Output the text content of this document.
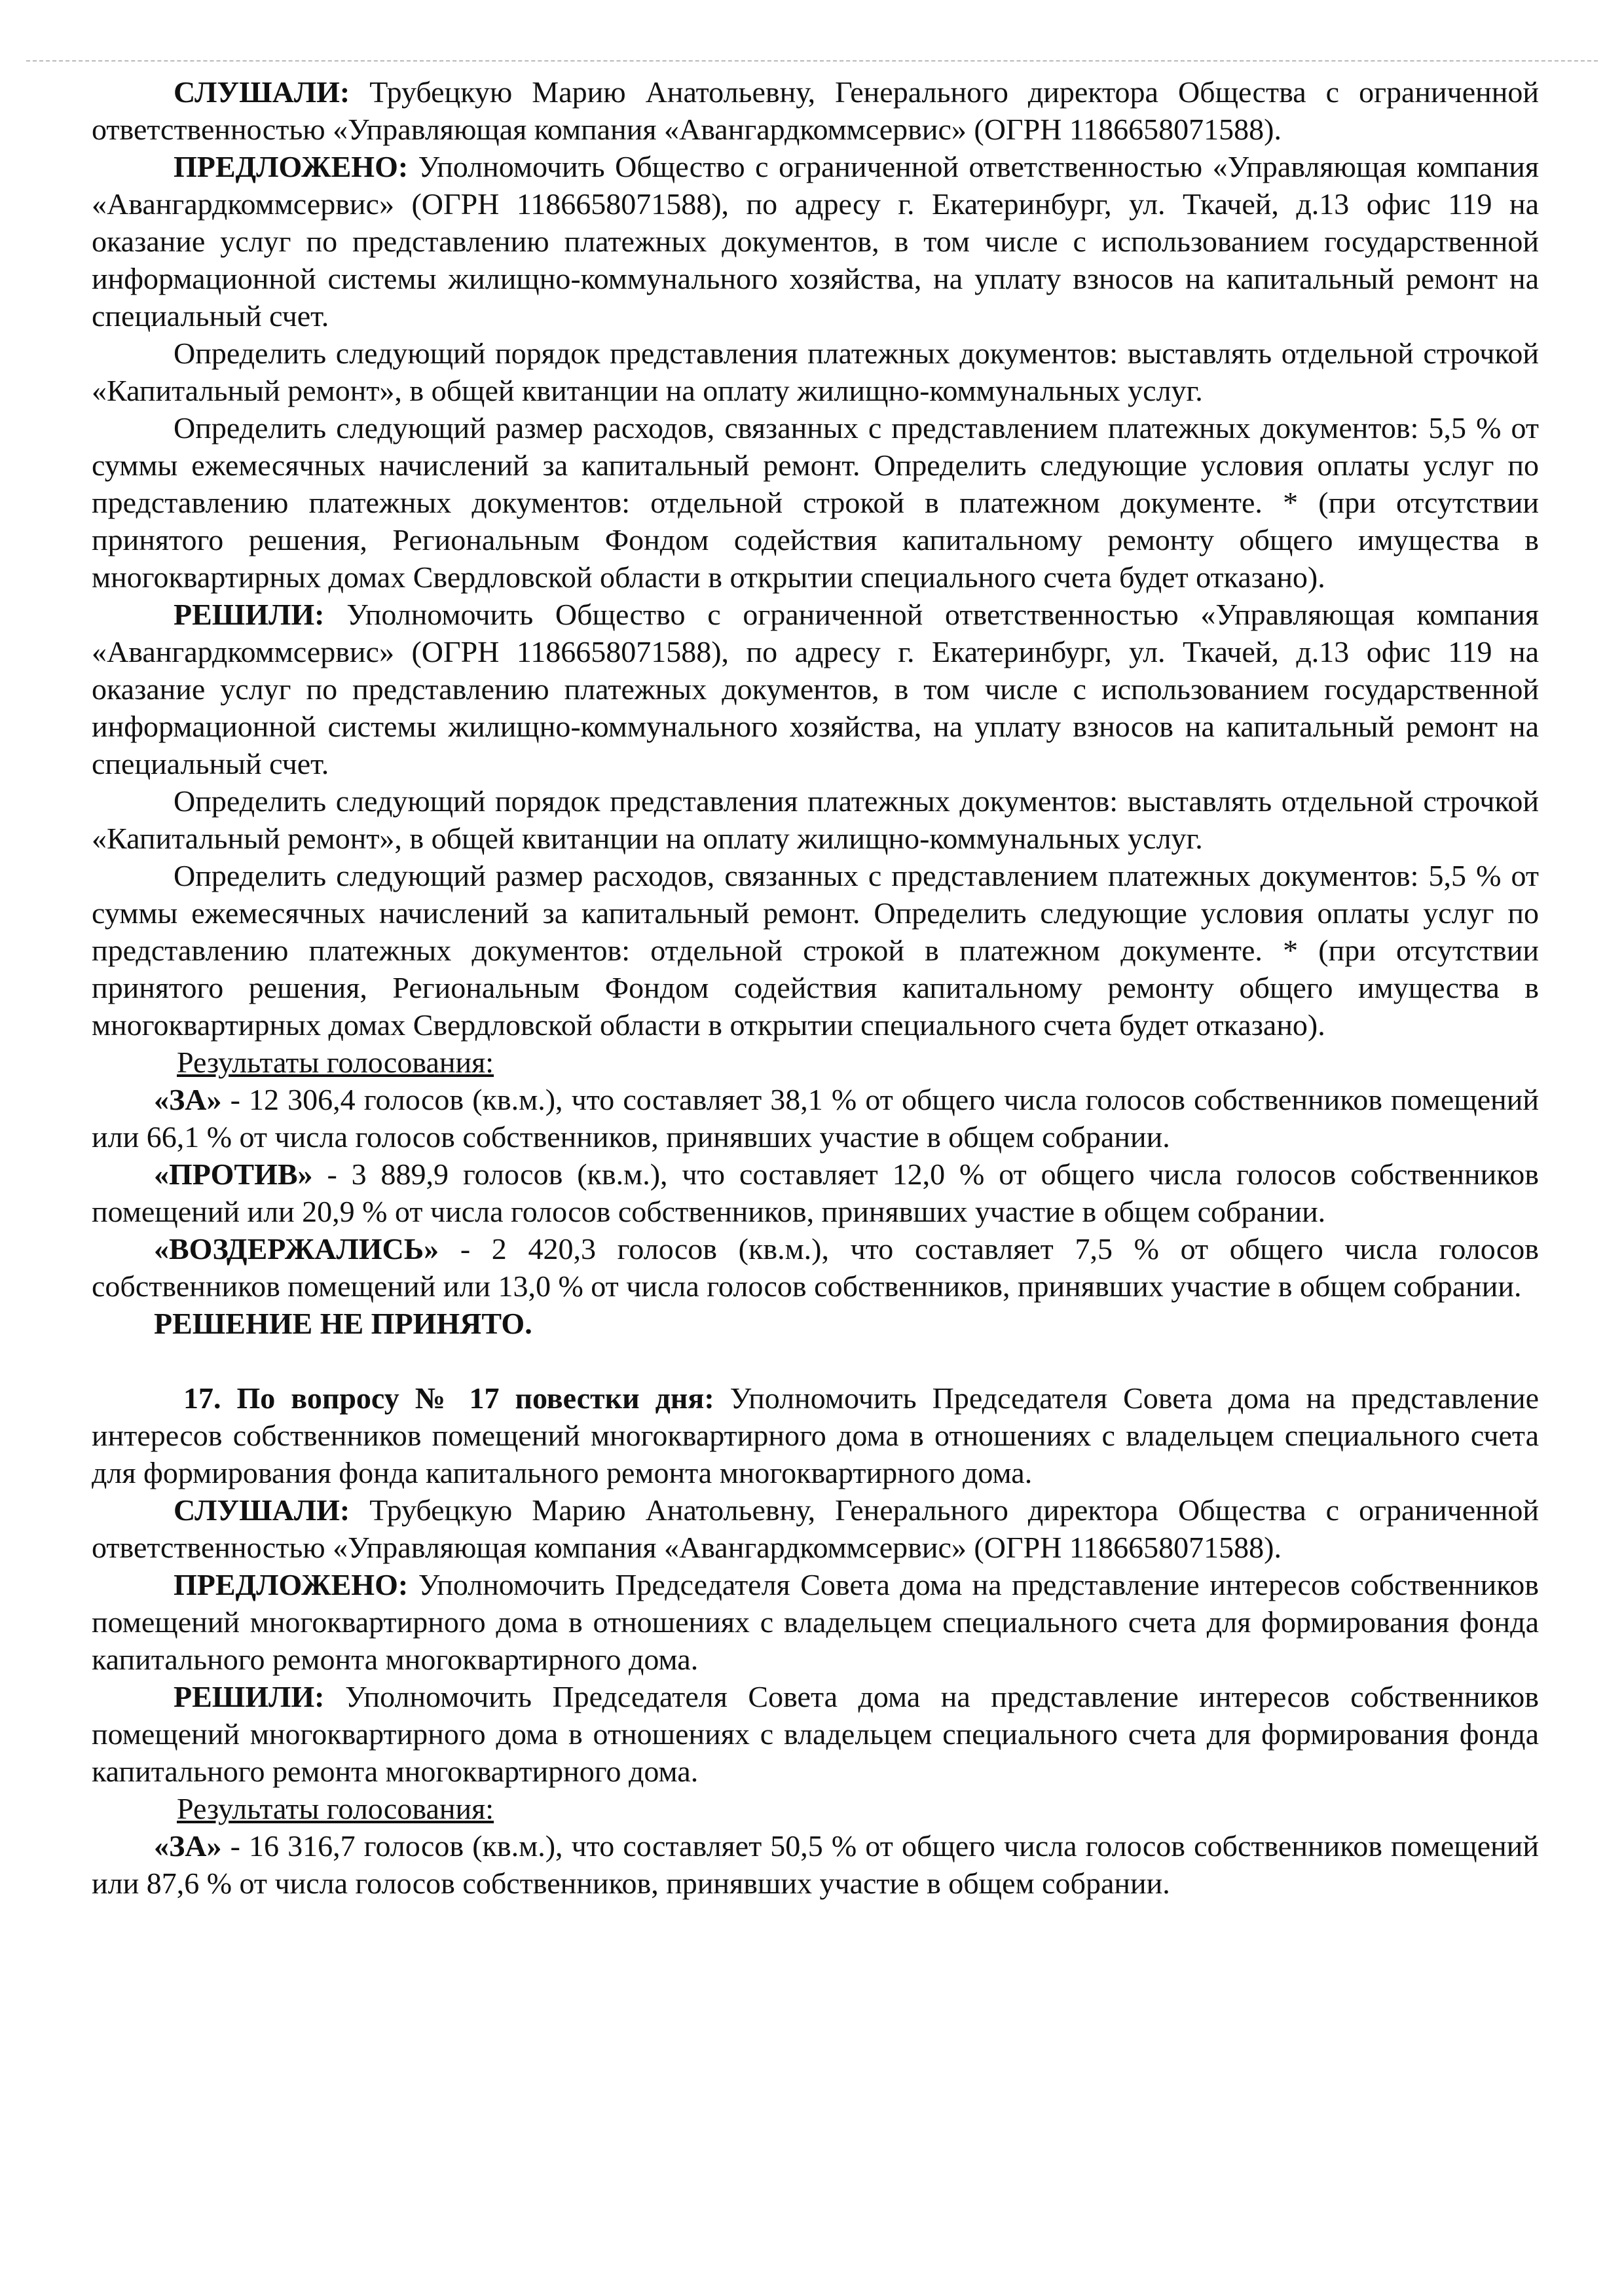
СЛУШАЛИ: Трубецкую Марию Анатольевну, Генерального директора Общества с ограниченной ответственностью «Управляющая компания «Авангардкоммсервис» (ОГРН 1186658071588).

ПРЕДЛОЖЕНО: Уполномочить Общество с ограниченной ответственностью «Управляющая компания «Авангардкоммсервис» (ОГРН 1186658071588), по адресу г. Екатеринбург, ул. Ткачей, д.13 офис 119 на оказание услуг по представлению платежных документов, в том числе с использованием государственной информационной системы жилищно-коммунального хозяйства, на уплату взносов на капитальный ремонт на специальный счет.

Определить следующий порядок представления платежных документов: выставлять отдельной строчкой «Капитальный ремонт», в общей квитанции на оплату жилищно-коммунальных услуг.

Определить следующий размер расходов, связанных с представлением платежных документов: 5,5 % от суммы ежемесячных начислений за капитальный ремонт. Определить следующие условия оплаты услуг по представлению платежных документов: отдельной строкой в платежном документе. * (при отсутствии принятого решения, Региональным Фондом содействия капитальному ремонту общего имущества в многоквартирных домах Свердловской области в открытии специального счета будет отказано).

РЕШИЛИ: Уполномочить Общество с ограниченной ответственностью «Управляющая компания «Авангардкоммсервис» (ОГРН 1186658071588), по адресу г. Екатеринбург, ул. Ткачей, д.13 офис 119 на оказание услуг по представлению платежных документов, в том числе с использованием государственной информационной системы жилищно-коммунального хозяйства, на уплату взносов на капитальный ремонт на специальный счет.

Определить следующий порядок представления платежных документов: выставлять отдельной строчкой «Капитальный ремонт», в общей квитанции на оплату жилищно-коммунальных услуг.

Определить следующий размер расходов, связанных с представлением платежных документов: 5,5 % от суммы ежемесячных начислений за капитальный ремонт. Определить следующие условия оплаты услуг по представлению платежных документов: отдельной строкой в платежном документе. * (при отсутствии принятого решения, Региональным Фондом содействия капитальному ремонту общего имущества в многоквартирных домах Свердловской области в открытии специального счета будет отказано).

Результаты голосования:

«ЗА» - 12 306,4 голосов (кв.м.), что составляет 38,1 % от общего числа голосов собственников помещений или 66,1 % от числа голосов собственников, принявших участие в общем собрании.

«ПРОТИВ» - 3 889,9 голосов (кв.м.), что составляет 12,0 % от общего числа голосов собственников помещений или 20,9 % от числа голосов собственников, принявших участие в общем собрании.

«ВОЗДЕРЖАЛИСЬ» - 2 420,3 голосов (кв.м.), что составляет 7,5 % от общего числа голосов собственников помещений или 13,0 % от числа голосов собственников, принявших участие в общем собрании.

РЕШЕНИЕ НЕ ПРИНЯТО.

17. По вопросу № 17 повестки дня: Уполномочить Председателя Совета дома на представление интересов собственников помещений многоквартирного дома в отношениях с владельцем специального счета для формирования фонда капитального ремонта многоквартирного дома.

СЛУШАЛИ: Трубецкую Марию Анатольевну, Генерального директора Общества с ограниченной ответственностью «Управляющая компания «Авангардкоммсервис» (ОГРН 1186658071588).

ПРЕДЛОЖЕНО: Уполномочить Председателя Совета дома на представление интересов собственников помещений многоквартирного дома в отношениях с владельцем специального счета для формирования фонда капитального ремонта многоквартирного дома.

РЕШИЛИ: Уполномочить Председателя Совета дома на представление интересов собственников помещений многоквартирного дома в отношениях с владельцем специального счета для формирования фонда капитального ремонта многоквартирного дома.

Результаты голосования:

«ЗА» - 16 316,7 голосов (кв.м.), что составляет 50,5 % от общего числа голосов собственников помещений или 87,6 % от числа голосов собственников, принявших участие в общем собрании.
